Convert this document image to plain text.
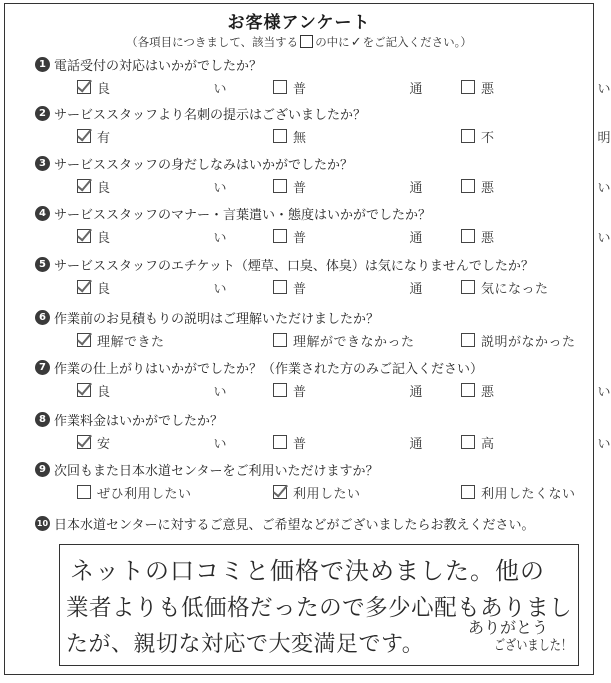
お客様アンケート
（各項目につきまして、該当する の中に✓をご記入ください。）
1 電話受付の対応はいかがでしたか？
良	い	普	通	悪	い
2 サービススタッフより名刺の提示はございましたか？
有	無	不	明
3 サービススタッフの身だしなみはいかがでしたか？
良	い	普	通	悪	い
4 サービススタッフのマナー・言葉遣い・態度はいかがでしたか？
良	い	普	通	悪	い
5 サービススタッフのエチケット（煙草、口臭、体臭）は気になりませんでしたか？
良	い	普	通	気になった
6 作業前のお見積もりの説明はご理解いただけましたか？
理解できた	理解ができなかった	説明がなかった
7 作業の仕上がりはいかがでしたか？（作業された方のみご記入ください）
良	い	普	通	悪	い
8 作業料金はいかがでしたか？
安	い	普	通	高	い
9 次回もまた日本水道センターをご利用いただけますか？
ぜひ利用したい	利用したい	利用したくない
10 日本水道センターに対するご意見、ご希望などがございましたらお教えください。
ネットの口コミと価格で決めました。他の
業者よりも低価格だったので多少心配もありまし
たが、親切な対応で大変満足です。
ありがとう
ございました！
